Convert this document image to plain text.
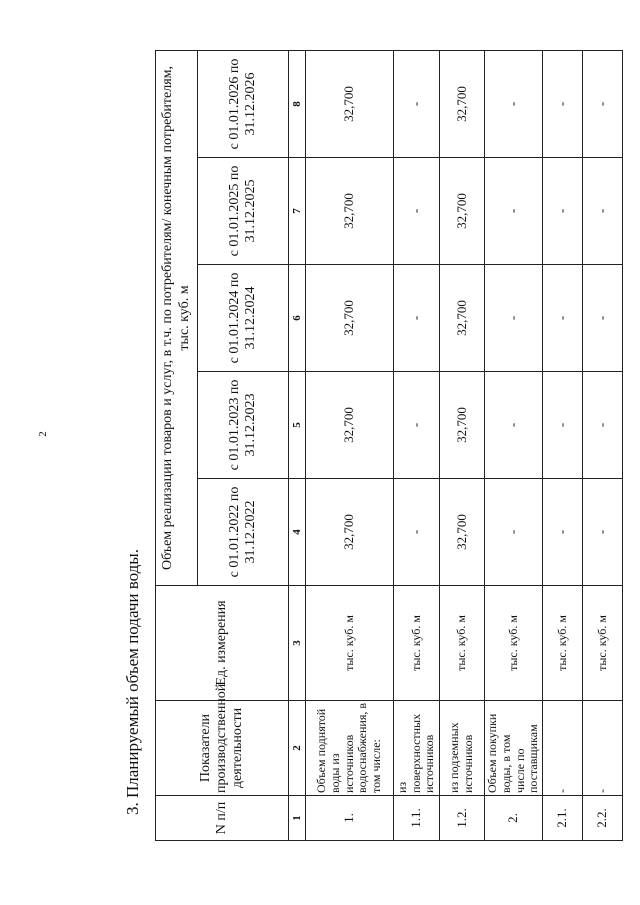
2
3. Планируемый объем подачи воды.
N п/п	Показатели производственной деятельности	Ед. измерения	Объем реализации товаров и услуг, в т.ч. по потребителям/ конечным потребителям, тыс. куб. м				
			с 01.01.2022 по 31.12.2022	с 01.01.2023 по 31.12.2023	с 01.01.2024 по 31.12.2024	с 01.01.2025 по 31.12.2025	с 01.01.2026 по 31.12.2026
1	2	3	4	5	6	7	8
1.	Объем поднятой воды из источников водоснабжения, в том числе:	тыс. куб. м	32,700	32,700	32,700	32,700	32,700
1.1.	из поверхностных источников	тыс. куб. м	-	-	-	-	-
1.2.	из подземных источников	тыс. куб. м	32,700	32,700	32,700	32,700	32,700
2.	Объем покупки воды, в том числе по поставщикам	тыс. куб. м	-	-	-	-	-
2.1.	-	тыс. куб. м	-	-	-	-	-
2.2.	-	тыс. куб. м	-	-	-	-	-
